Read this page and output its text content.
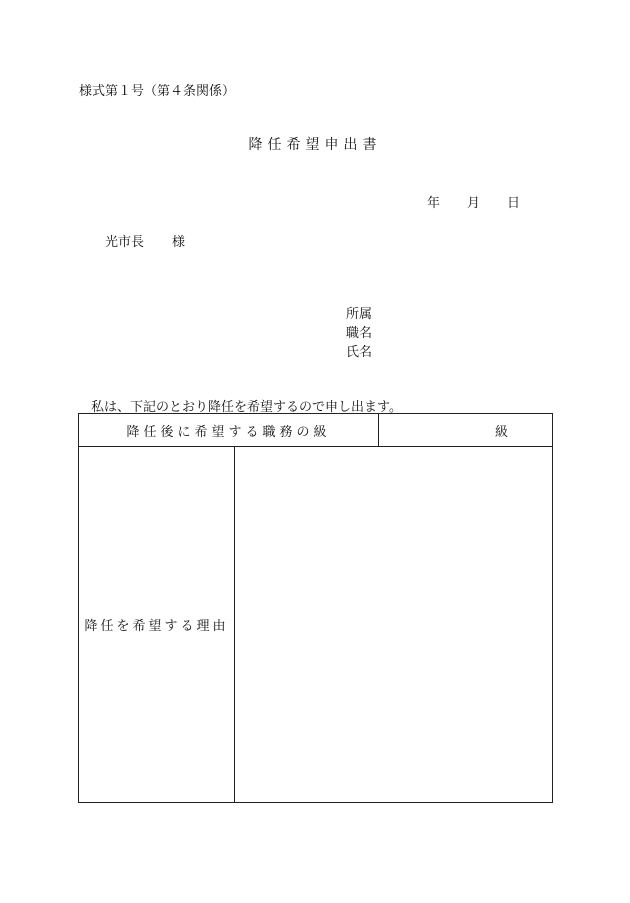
様式第１号（第４条関係）
降任希望申出書
年 月 日
光市長 様
所属
職名
氏名
私は、下記のとおり降任を希望するので申し出ます。
降任後に希望する職務の級		級
降任を希望する理由		
